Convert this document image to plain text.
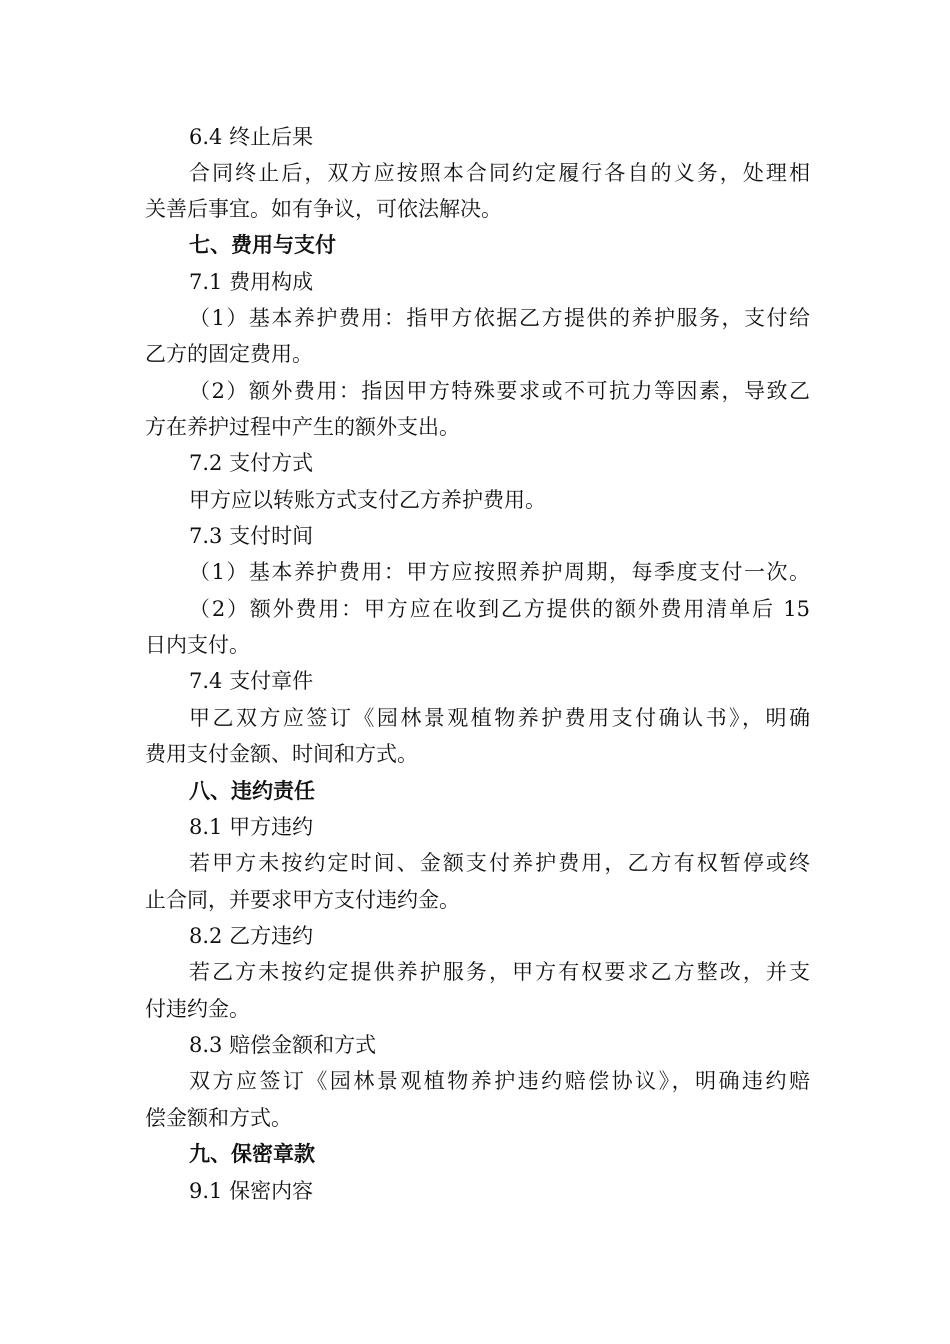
6.4 终止后果
合同终止后，双方应按照本合同约定履行各自的义务，处理相
关善后事宜。如有争议，可依法解决。
七、费用与支付
7.1 费用构成
（1）基本养护费用：指甲方依据乙方提供的养护服务，支付给
乙方的固定费用。
（2）额外费用：指因甲方特殊要求或不可抗力等因素，导致乙
方在养护过程中产生的额外支出。
7.2 支付方式
甲方应以转账方式支付乙方养护费用。
7.3 支付时间
（1）基本养护费用：甲方应按照养护周期，每季度支付一次。
（2）额外费用：甲方应在收到乙方提供的额外费用清单后 15
日内支付。
7.4 支付章件
甲乙双方应签订《园林景观植物养护费用支付确认书》，明确
费用支付金额、时间和方式。
八、违约责任
8.1 甲方违约
若甲方未按约定时间、金额支付养护费用，乙方有权暂停或终
止合同，并要求甲方支付违约金。
8.2 乙方违约
若乙方未按约定提供养护服务，甲方有权要求乙方整改，并支
付违约金。
8.3 赔偿金额和方式
双方应签订《园林景观植物养护违约赔偿协议》，明确违约赔
偿金额和方式。
九、保密章款
9.1 保密内容
